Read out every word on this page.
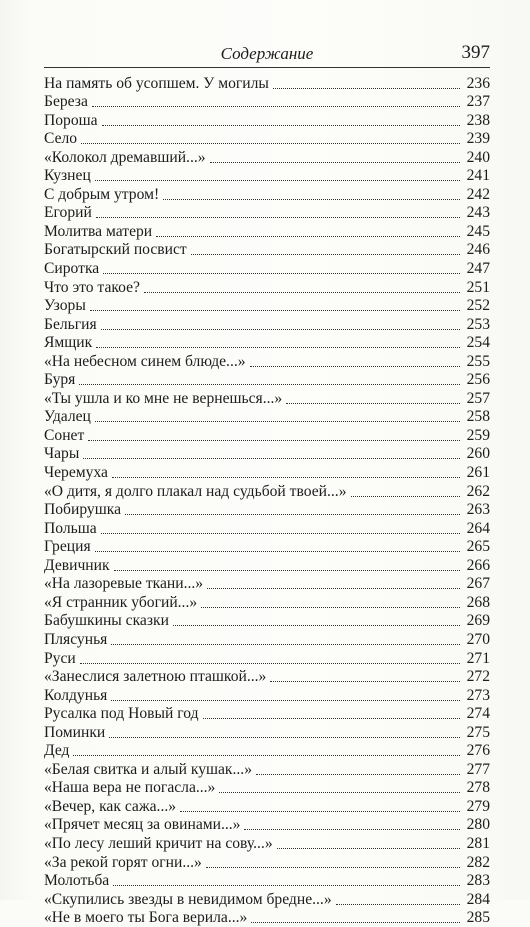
Содержание	397
На память об усопшем. У могилы	236
Береза	237
Пороша	238
Село	239
«Колокол дремавший...»	240
Кузнец	241
С добрым утром!	242
Егорий	243
Молитва матери	245
Богатырский посвист	246
Сиротка	247
Что это такое?	251
Узоры	252
Бельгия	253
Ямщик	254
«На небесном синем блюде...»	255
Буря	256
«Ты ушла и ко мне не вернешься...»	257
Удалец	258
Сонет	259
Чары	260
Черемуха	261
«О дитя, я долго плакал над судьбой твоей...»	262
Побирушка	263
Польша	264
Греция	265
Девичник	266
«На лазоревые ткани...»	267
«Я странник убогий...»	268
Бабушкины сказки	269
Плясунья	270
Руси	271
«Занеслися залетною пташкой...»	272
Колдунья	273
Русалка под Новый год	274
Поминки	275
Дед	276
«Белая свитка и алый кушак...»	277
«Наша вера не погасла...»	278
«Вечер, как сажа...»	279
«Прячет месяц за овинами...»	280
«По лесу леший кричит на сову...»	281
«За рекой горят огни...»	282
Молотьба	283
«Скупились звезды в невидимом бредне...»	284
«Не в моего ты Бога верила...»	285
